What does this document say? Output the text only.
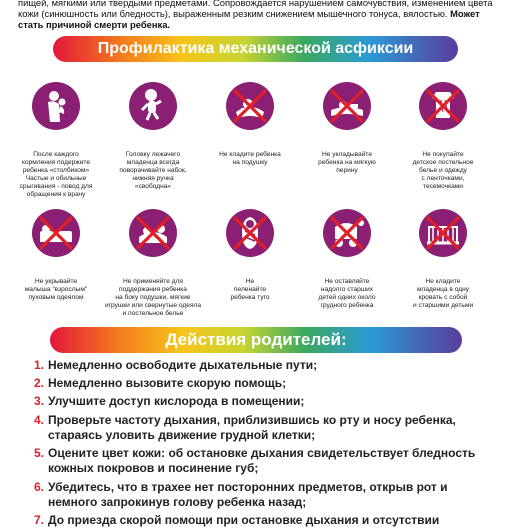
пищей, мягкими или твердыми предметами. Сопровождается нарушением самочувствия, изменением цвета
кожи (синюшность или бледность), выраженным резким снижением мышечного тонуса, вялостью. Может
стать причиной смерти ребенка.
Профилактика механической асфиксии
После каждого
кормления подержите
ребенка «столбиком»
Частые и обильные
срыгивания - повод для
обращения к врачу
Головку лежачего
младенца всегда
поворачивайте набок,
нижняя ручка
«свободна»
Не кладите ребенка
на подушку
Не укладывайте
ребенка на мягкую
перину
Не покупайте
детское постельное
белье и одежду
с ленточками,
тесемочками
Не укрывайте
малыша "взрослым"
пуховым одеялом
Не применяйте для
поддержания ребенка
на боку подушки, мягкие
игрушки или свернутые одеяла
и постельное белье
Не
пеленайте
ребенка туго
Не оставляйте
надолго старших
детей одних около
грудного ребенка
Не кладите
младенца в одну
кровать с собой
и старшими детьми
Действия родителей:
1. Немедленно освободите дыхательные пути;
2. Немедленно вызовите скорую помощь;
3. Улучшите доступ кислорода в помещении;
4. Проверьте частоту дыхания, приблизившись ко рту и носу ребенка,
стараясь уловить движение грудной клетки;
5. Оцените цвет кожи: об остановке дыхания свидетельствует бледность
кожных покровов и посинение губ;
6. Убедитесь, что в трахее нет посторонних предметов, открыв рот и
немного запрокинув голову ребенка назад;
7. До приезда скорой помощи при остановке дыхания и отсутствии
